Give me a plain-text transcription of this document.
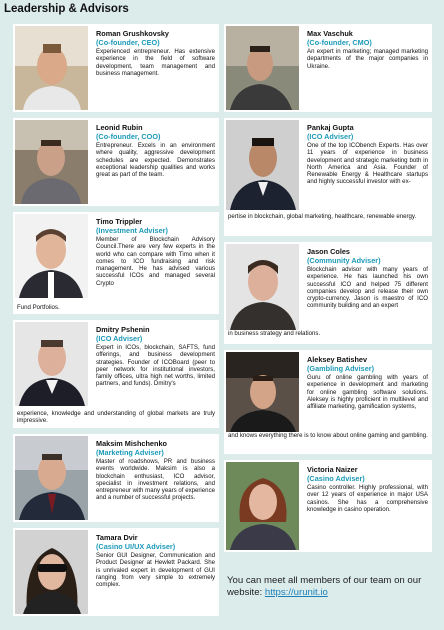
Leadership & Advisors
Roman Grushkovsky
(Co-founder, CEO)
Experienced entrepreneur. Has extensive experience in the field of software development, team management and business management.
Leonid Rubin
(Co-founder, COO)
Entrepreneur. Excels in an environment where quality, aggressive development schedules are expected. Demonstrates exceptional leadership qualities and works great as part of the team.
Timo Trippler
(Investment Adviser)
Member of Blockchain Advisory Council.There are very few experts in the world who can compare with Timo when it comes to ICO fundraising and risk management. He has advised various successful ICOs and managed several Crypto
Fund Portfolios.
Dmitry Pshenin
(ICO Adviser)
Expert in ICOs, blockchain, SAFTS, fund offerings, and business development strategies. Founder of ICOBoard (peer to peer network for institutional investors, family offices, ultra high net worths, limited partners, and funds). Dmitry's
experience, knowledge and understanding of global markets are truly impressive.
Maksim Mishchenko
(Marketing Adviser)
Master of roadshows, PR and business events worldwide. Maksim is also a blockchain enthusiast, ICO advisor, specialist in investment relations, and entrepreneur with many years of experience and a number of successful projects.
Tamara Dvir
(Casino UI/UX Adviser)
Senior GUI Designer, Communication and Product Designer at Hewlett Packard. She is unrivaled expert in development of GUI ranging from very simple to extremely complex.
Max Vaschuk
(Co-founder, CMO)
An expert in marketing; managed marketing departments of the major companies in Ukraine.
Pankaj Gupta
(ICO Adviser)
One of the top ICObench Experts. Has over 11 years of experience in business development and strategic marketing both in North America and Asia. Founder of Renewable Energy & Healthcare startups and highly successful investor with ex-
pertise in blockchain, global marketing, healthcare, renewable energy.
Jason Coles
(Community Adviser)
Blockchain advisor with many years of experience. He has launched his own successful ICO and helped 75 different companies develop and release their own crypto-currency. Jason is maestro of ICO community building and an expert
in business strategy and relations.
Aleksey Batishev
(Gambling Adviser)
Guru of online gambling with years of experience in development and marketing for online gambling software solutions. Aleksey is highly proficient in multilevel and affiliate marketing, gamification systems,
and knows everything there is to know about online gaming and gambling.
Victoria Naizer
(Casino Adviser)
Casino controller. Highly professional, with over 12 years of experience in major USA casinos. She has a comprehensive knowledge in casino operation.
You can meet all members of our team on our website: https://urunit.io
